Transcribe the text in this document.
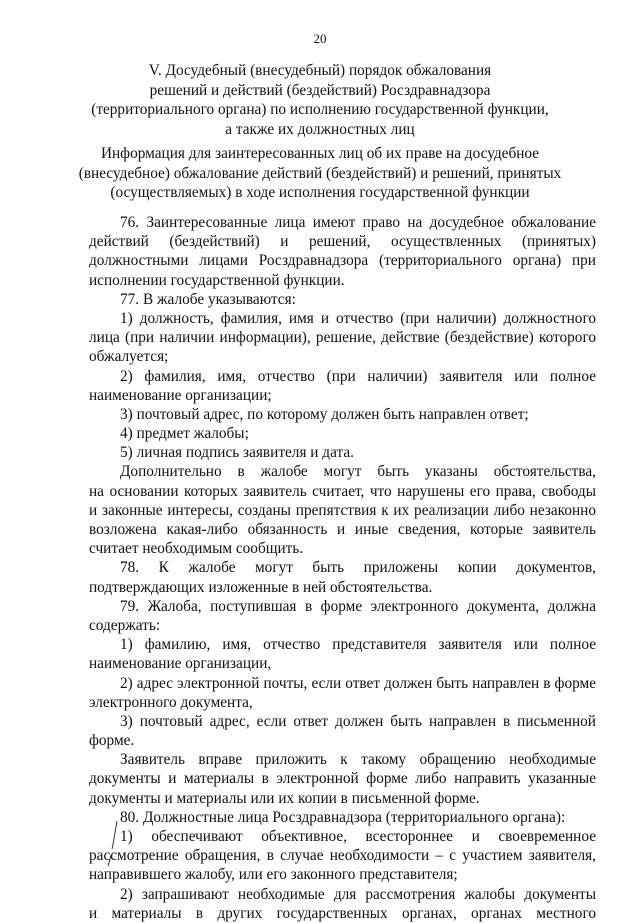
20
V. Досудебный (внесудебный) порядок обжалования
решений и действий (бездействий) Росздравнадзора
(территориального органа) по исполнению государственной функции,
а также их должностных лиц
Информация для заинтересованных лиц об их праве на досудебное
(внесудебное) обжалование действий (бездействий) и решений, принятых
(осуществляемых) в ходе исполнения государственной функции
76. Заинтересованные лица имеют право на досудебное обжалование
действий (бездействий) и решений, осуществленных (принятых)
должностными лицами Росздравнадзора (территориального органа) при
исполнении государственной функции.
77. В жалобе указываются:
1) должность, фамилия, имя и отчество (при наличии) должностного
лица (при наличии информации), решение, действие (бездействие) которого
обжалуется;
2) фамилия, имя, отчество (при наличии) заявителя или полное
наименование организации;
3) почтовый адрес, по которому должен быть направлен ответ;
4) предмет жалобы;
5) личная подпись заявителя и дата.
Дополнительно в жалобе могут быть указаны обстоятельства,
на основании которых заявитель считает, что нарушены его права, свободы
и законные интересы, созданы препятствия к их реализации либо незаконно
возложена какая-либо обязанность и иные сведения, которые заявитель
считает необходимым сообщить.
78. К жалобе могут быть приложены копии документов,
подтверждающих изложенные в ней обстоятельства.
79. Жалоба, поступившая в форме электронного документа, должна
содержать:
1) фамилию, имя, отчество представителя заявителя или полное
наименование организации,
2) адрес электронной почты, если ответ должен быть направлен в форме
электронного документа,
3) почтовый адрес, если ответ должен быть направлен в письменной
форме.
Заявитель вправе приложить к такому обращению необходимые
документы и материалы в электронной форме либо направить указанные
документы и материалы или их копии в письменной форме.
80. Должностные лица Росздравнадзора (территориального органа):
1) обеспечивают объективное, всестороннее и своевременное
рассмотрение обращения, в случае необходимости – с участием заявителя,
направившего жалобу, или его законного представителя;
2) запрашивают необходимые для рассмотрения жалобы документы
и материалы в других государственных органах, органах местного
